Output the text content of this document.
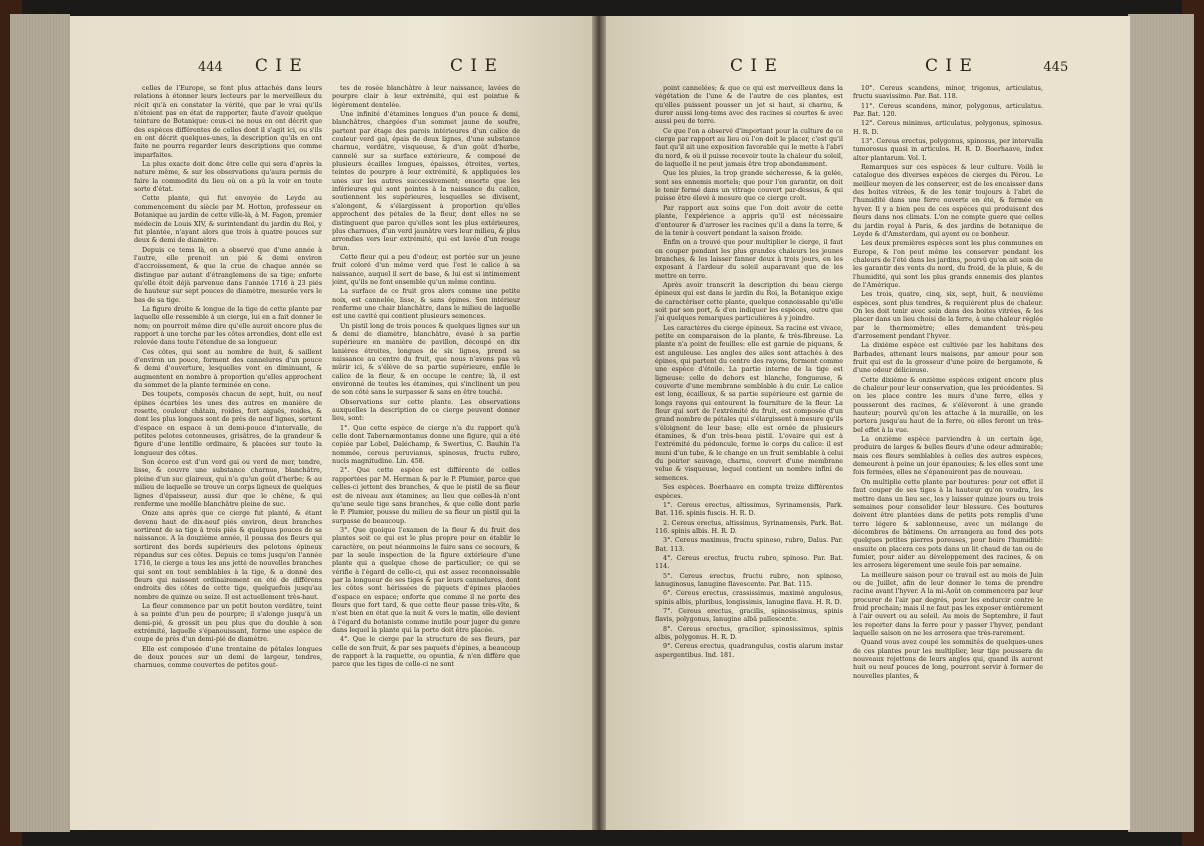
444 C I E	C I E	C I E	C I E	445

celles de l'Europe, se font plus attachés dans leurs relations à étonner leurs lecteurs par le merveilleux du récit qu'à en constater la vérité, que par le vrai qu'ils n'étoient pas en état de rapporter, faute d'avoir quelque teinture de Botanique: ceux-ci ne nous en ont décrit que des espèces différentes de celles dont il s'agit ici, ou s'ils en ont décrit quelques-unes, la description qu'ils en ont faite ne pourra regarder leurs descriptions que comme imparfaites.

La plus exacte doit donc être celle qui sera d'après la nature même, & sur les observations qu'aura permis de faire la commodité du lieu où on a pû la voir en toute sorte d'état.

Cette plante, qui fut envoyée de Leyde au commencement du siècle par M. Hotton, professeur en Botanique au jardin de cette ville-là, à M. Fagon, premier médecin de Louis XIV, & surintendant du jardin du Roi, y fut plantée, n'ayant alors que trois à quatre pouces sur deux & demi de diamètre.

Depuis ce tems là, on a observé que d'une année à l'autre, elle prenoit un pié & demi environ d'accroissement, & que la crue de chaque année se distingue par autant d'étranglemens de sa tige; enforte qu'elle étoit déjà parvenue dans l'année 1716 à 23 piés de hauteur sur sept pouces de diamètre, mesurée vers le bas de sa tige.

La figure droite & longue de la tige de cette plante par laquelle elle ressemble à un cierge, lui en a fait donner le nom; on pourroit même dire qu'elle auroit encore plus de rapport à une torche par les côtes arrondies, dont elle est relevée dans toute l'étendue de sa longueur.

Ces côtes, qui sont au nombre de huit, & saillent d'environ un pouce, forment des cannelures d'un pouce & demi d'ouverture, lesquelles vont en diminuant, & augmentent en nombre à proportion qu'elles approchent du sommet de la plante terminée en cone.

Des toupets, composés chacun de sept, huit, ou neuf épines écartées les unes des autres en manière de rosette, couleur châtain, roides, fort aiguës, roides, & dont les plus longues sont de près de neuf lignes, sortent d'espace en espace à un demi-pouce d'intervalle, de petites pelotes cotonneuses, grisâtres, de la grandeur & figure d'une lentille ordinaire, & placées sur toute la longueur des côtes.

Son écorce est d'un verd gai ou verd de mer, tendre, lisse, & couvre une substance charnue, blanchâtre, pleine d'un suc glaireux, qui n'a qu'un goût d'herbe; & au milieu de laquelle se trouve un corps ligneux de quelques lignes d'épaisseur, aussi dur que le chêne, & qui renferme une moëlle blanchâtre pleine de suc.

Onze ans après que ce cierge fut planté, & étant devenu haut de dix-neuf piés environ, deux branches sortirent de sa tige à trois piés & quelques pouces de sa naissance. A la douzième année, il poussa des fleurs qui sortirent des bords supérieurs des pelotons épineux répandus sur ces côtes. Depuis ce tems jusqu'en l'année 1716, le cierge a tous les ans jetté de nouvelles branches qui sont en tout semblables à la tige, & a donné des fleurs qui naissent ordinairement en été de différens endroits des côtes de cette tige, quelquefois jusqu'au nombre de quinze ou seize. Il est actuellement très-haut.

La fleur commence par un petit bouton verdâtre, teint à sa pointe d'un peu de pourpre; il s'alonge jusqu'à un demi-pié, & grossit un peu plus que du double à son extrémité, laquelle s'épanouissant, forme une espèce de coupe de près d'un demi-pié de diamètre.

Elle est composée d'une trentaine de pétales longues de deux pouces sur un demi de largeur, tendres, charnues, comme couvertes de petites gout-

tes de rosée blanchâtre à leur naissance, lavées de pourpre clair à leur extrémité, qui est pointue & légèrement dentelée.

Une infinité d'étamines longues d'un pouce & demi, blanchâtres, chargées d'un sommet jaune de soufre, partent par étage des parois intérieures d'un calice de couleur verd gai, épais de deux lignes, d'une substance charnue, verdâtre, visqueuse, & d'un goût d'herbe, cannelé sur sa surface extérieure, & composé de plusieurs écailles longues, épaisses, étroites, vertes, teintes de pourpre à leur extrémité, & appliquées les unes sur les autres successivement; ensorte que les inférieures qui sont pointes à la naissance du calice, soutiennent les supérieures, lesquelles se divisent, s'alongent, & s'élargissent à proportion qu'elles approchent des pétales de la fleur, dont elles ne se distinguent que parce qu'elles sont les plus extérieures, plus charnues, d'un verd jaunâtre vers leur milieu, & plus arrondies vers leur extrémité, qui est lavée d'un rouge brun.

Cette fleur qui a peu d'odeur, est portée sur un jeune fruit coloré d'un même verd que l'est le calice à sa naissance, auquel il sert de base, & lui est si intimement joint, qu'ils ne font ensemble qu'un même continu.

La surface de ce fruit gros alors comme une petite noix, est cannelée, lisse, & sans épines. Son intérieur renferme une chair blanchâtre, dans le milieu de laquelle est une cavité qui contient plusieurs semences.

Un pistil long de trois pouces & quelques lignes sur un & demi de diamètre, blanchâtre, évasé à sa partie supérieure en manière de pavillon, découpé en dix lanières étroites, longues de six lignes, prend sa naissance au centre du fruit, que nous n'avons pas vû mûrir ici, & s'élève de sa partie supérieure, enfile le calice de la fleur, & en occupe le centre; là, il est environné de toutes les étamines, qui s'inclinent un peu de son côté sans le surpasser & sans en être touché.

Observations sur cette plante. Les observations auxquelles la description de ce cierge peuvent donner lieu, sont:

1°. Que cette espèce de cierge n'a du rapport qu'à celle dont Tabernæmontanus donne une figure, qui a été copiée par Lobel, Daléchamp, & Swertius, C. Bauhin l'a nommée, cereus peruvianus, spinosus, fructu rubro, nucis magnitudine. Lin. 458.

2°. Que cette espèce est différente de celles rapportées par M. Herman & par le P. Plumier, parce que celles-ci jettent des branches, & que le pistil de sa fleur est de niveau aux étamines; au lieu que celles-là n'ont qu'une seule tige sans branches, & que celle dont parle le P. Plumier, pousse du milieu de sa fleur un pistil qui la surpasse de beaucoup.

3°. Que quoique l'examen de la fleur & du fruit des plantes soit ce qui est le plus propre pour en établir le caractère, on peut néanmoins le faire sans ce secours, & par la seule inspection de la figure extérieure d'une plante qui a quelque chose de particulier; ce qui se vérifie à l'égard de celle-ci, qui est assez reconnoissable par la longueur de ses tiges & par leurs cannelures, dont les côtes sont hérissées de piquets d'épines placées d'espace en espace; enforte que comme il ne porte des fleurs que fort tard, & que cette fleur passe très-vîte, & n'est bien en état que la nuit & vers le matin, elle devient à l'égard du botaniste comme inutile pour juger du genre dans lequel la plante qui la porte doit être placée.

4°. Que le cierge par la structure de ses fleurs, par celle de son fruit, & par ses paquets d'épines, a beaucoup de rapport à la raquette, ou opuntia, & n'en diffère que parce que les tiges de celle-ci ne sont

point cannelées; & que ce qui est merveilleux dans la végétation de l'une & de l'autre de ces plantes, est qu'elles puissent pousser un jet si haut, si charnu, & durer aussi long-tems avec des racines si courtes & avec aussi peu de terre.

Ce que l'on a observé d'important pour la culture de ce cierge par rapport au lieu où l'on doit le placer, c'est qu'il faut qu'il ait une exposition favorable qui le mette à l'abri du nord, & où il puisse recevoir toute la chaleur du soleil, de laquelle il ne peut jamais être trop abondamment.

Que les pluies, la trop grande sécheresse, & la gelée, sont ses ennemis mortels; que pour l'en garantir, on doit le tenir fermé dans un vitrage couvert par-dessus, & qui puisse être élevé à mesure que ce cierge croît.

Par rapport aux soins que l'on doit avoir de cette plante, l'expérience a appris qu'il est nécessaire d'entourer & d'arroser les racines qu'il a dans la terre, & de la tenir à couvert pendant la saison froide.

Enfin on a trouvé que pour multiplier le cierge, il faut en couper pendant les plus grandes chaleurs les jeunes branches, & les laisser fanner deux à trois jours, en les exposant à l'ardeur du soleil auparavant que de les mettre en terre.

Après avoir transcrit la description du beau cierge épineux qui est dans le jardin du Roi, la Botanique exige de caractériser cette plante, quelque connoissable qu'elle soit par son port, & d'en indiquer les espèces, outre que j'ai quelques remarques particulières à y joindre.

Les caractères du cierge épineux. Sa racine est vivace, petite en comparaison de la plante, & très-fibreuse. La plante n'a point de feuilles: elle est garnie de piquans, & est anguleuse. Les angles des ailes sont attachés à des épines, qui partent du centre des rayons, forment comme une espèce d'étoile. La partie interne de la tige est ligneuse: celle de dehors est blanche, fongueuse, & couverte d'une membrane semblable à du cuir. Le calice est long, écailleux, & sa partie supérieure est garnie de longs rayons qui entourent la fourniture de la fleur. La fleur qui sort de l'extrémité du fruit, est composée d'un grand nombre de pétales qui s'élargissent à mesure qu'ils s'éloignent de leur base; elle est ornée de plusieurs étamines, & d'un très-beau pistil. L'ovaire qui est à l'extrémité du pédoncule, forme le corps du calice: il est muni d'un tube, & le change en un fruit semblable à celui du poirier sauvage, charnu, couvert d'une membrane velue & visqueuse, lequel contient un nombre infini de semences.

Ses espèces. Boerhaave en compte treize différentes espèces.

1°. Cereus erectus, altissimus, Syrinamensis, Park. Bat. 116. spinis fuscis. H. R. D.

2. Cereus erectus, altissimus, Syrinamensis, Park. Bat. 116. spinis albis. H. R. D.

3°. Cereus maximus, fructu spinoso, rubro, Dalus. Par. Bat. 113.

4°. Cereus erectus, fructu rubro, spinoso. Par. Bat. 114.

5°. Cereus erectus, fructu rubro, non spinoso, lanuginosus, lanugine flavescente. Par. Bat. 115.

6°. Cereus erectus, crassissimus, maximè angulosus, spinis albis, pluribus, longissimis, lanugine flava. H. R. D.

7°. Cereus erectus, gracilis, spinosissimus, spinis flavis, polygonus, lanugine albâ pallescente.

8°. Cereus erectus, gracilior, spinosissimus, spinis albis, polygonus. H. R. D.

9°. Cereus erectus, quadrangulus, costis alarum instar aspergentibus. Ind. 181.

10°. Cereus scandens, minor, trigonus, articulatus, fructu suavissimo. Par. Bat. 118.

11°. Cereus scandens, minor, polygonus, articulatus. Par. Bat. 120.

12°. Cereus minimus, articulatus, polygonus, spinosus. H. R. D.

13°. Cereus erectus, polygonus, spinosus, per intervalla tumorosus quasi in articulos. H. R. D. Boerhaave, index alter plantarum. Vol. I.

Remarques sur ces espèces & leur culture. Voilà le catalogue des diverses espèces de cierges du Pérou. Le meilleur moyen de les conserver, est de les encaisser dans des boites vitrées, & de les tenir toujours à l'abri de l'humidité dans une ferre ouverte en été, & fermée en hyver. Il y a bien peu de ces espèces qui produisent des fleurs dans nos climats. L'on ne compte guere que celles du jardin royal à Paris, & des jardins de botanique de Leyde & d'Amsterdam, qui ayent eu ce bonheur.

Les deux premières espèces sont les plus communes en Europe, & l'on peut même les conserver pendant les chaleurs de l'été dans les jardins, pourvû qu'on ait soin de les garantir des vents du nord, du froid, de la pluie, & de l'humidité, qui sont les plus grands ennemis des plantes de l'Amérique.

Les trois, quatre, cinq, six, sept, huit, & neuvième espèces, sont plus tendres, & requièrent plus de chaleur. On les doit tenir avec soin dans des boites vitrées, & les placer dans un lieu choisi de la ferre, à une chaleur réglée par le thermomètre; elles demandent très-peu d'arrosement pendant l'hyver.

La dixième espèce est cultivée par les habitans des Barbades, attenant leurs maisons, par amour pour son fruit qui est de la grosseur d'une poire de bergamote, & d'une odeur délicieuse.

Cette dixième & onzième espèces exigent encore plus de chaleur pour leur conservation, que les précédentes. Si on les place contre les murs d'une ferre, elles y pousseront des racines, & s'élèveront à une grande hauteur; pourvû qu'on les attache à la muraille, on les portera jusqu'au haut de la ferre, où elles feront un très-bel effet à la vue.

La onzième espèce parviendra à un certain âge, produira de larges & belles fleurs d'une odeur admirable; mais ces fleurs semblables à celles des autres espèces, demeurent à peine un jour épanouies; & les elles sont une fois fermées, elles ne s'épanouiront pas de nouveau.

On multiplie cette plante par boutures: pour cet effet il faut couper de ses tiges à la hauteur qu'on voudra, les mettre dans un lieu sec, les y laisser quinze jours ou trois semaines pour consolider leur blessure. Ces boutures doivent être plantées dans de petits pots remplis d'une terre légere & sablonneuse, avec un mélange de décombres de bâtimens. On arrangera au fond des pots quelques petites pierres poreuses, pour boire l'humidité: ensuite on placera ces pots dans un lit chaud de tan ou de fumier, pour aider au développement des racines, & on les arrosera légerement une seule fois par semaine.

La meilleure saison pour ce travail est au mois de Juin ou de Juillet, afin de leur donner le tems de prendre racine avant l'hyver. A la mi-Août on commencera par leur procurer de l'air par degrés, pour les endurcir contre le froid prochain; mais il ne faut pas les exposer entièrement à l'air ouvert ou au soleil. Au mois de Septembre, il faut les reporter dans la ferre pour y passer l'hyver, pendant laquelle saison on ne les arrosera que très-rarement.

Quand vous avez coupé les sommités de quelques-unes de ces plantes pour les multiplier, leur tige poussera de nouveaux rejettons de leurs angles qui, quand ils auront huit ou neuf pouces de long, pourront servir à former de nouvelles plantes, &
